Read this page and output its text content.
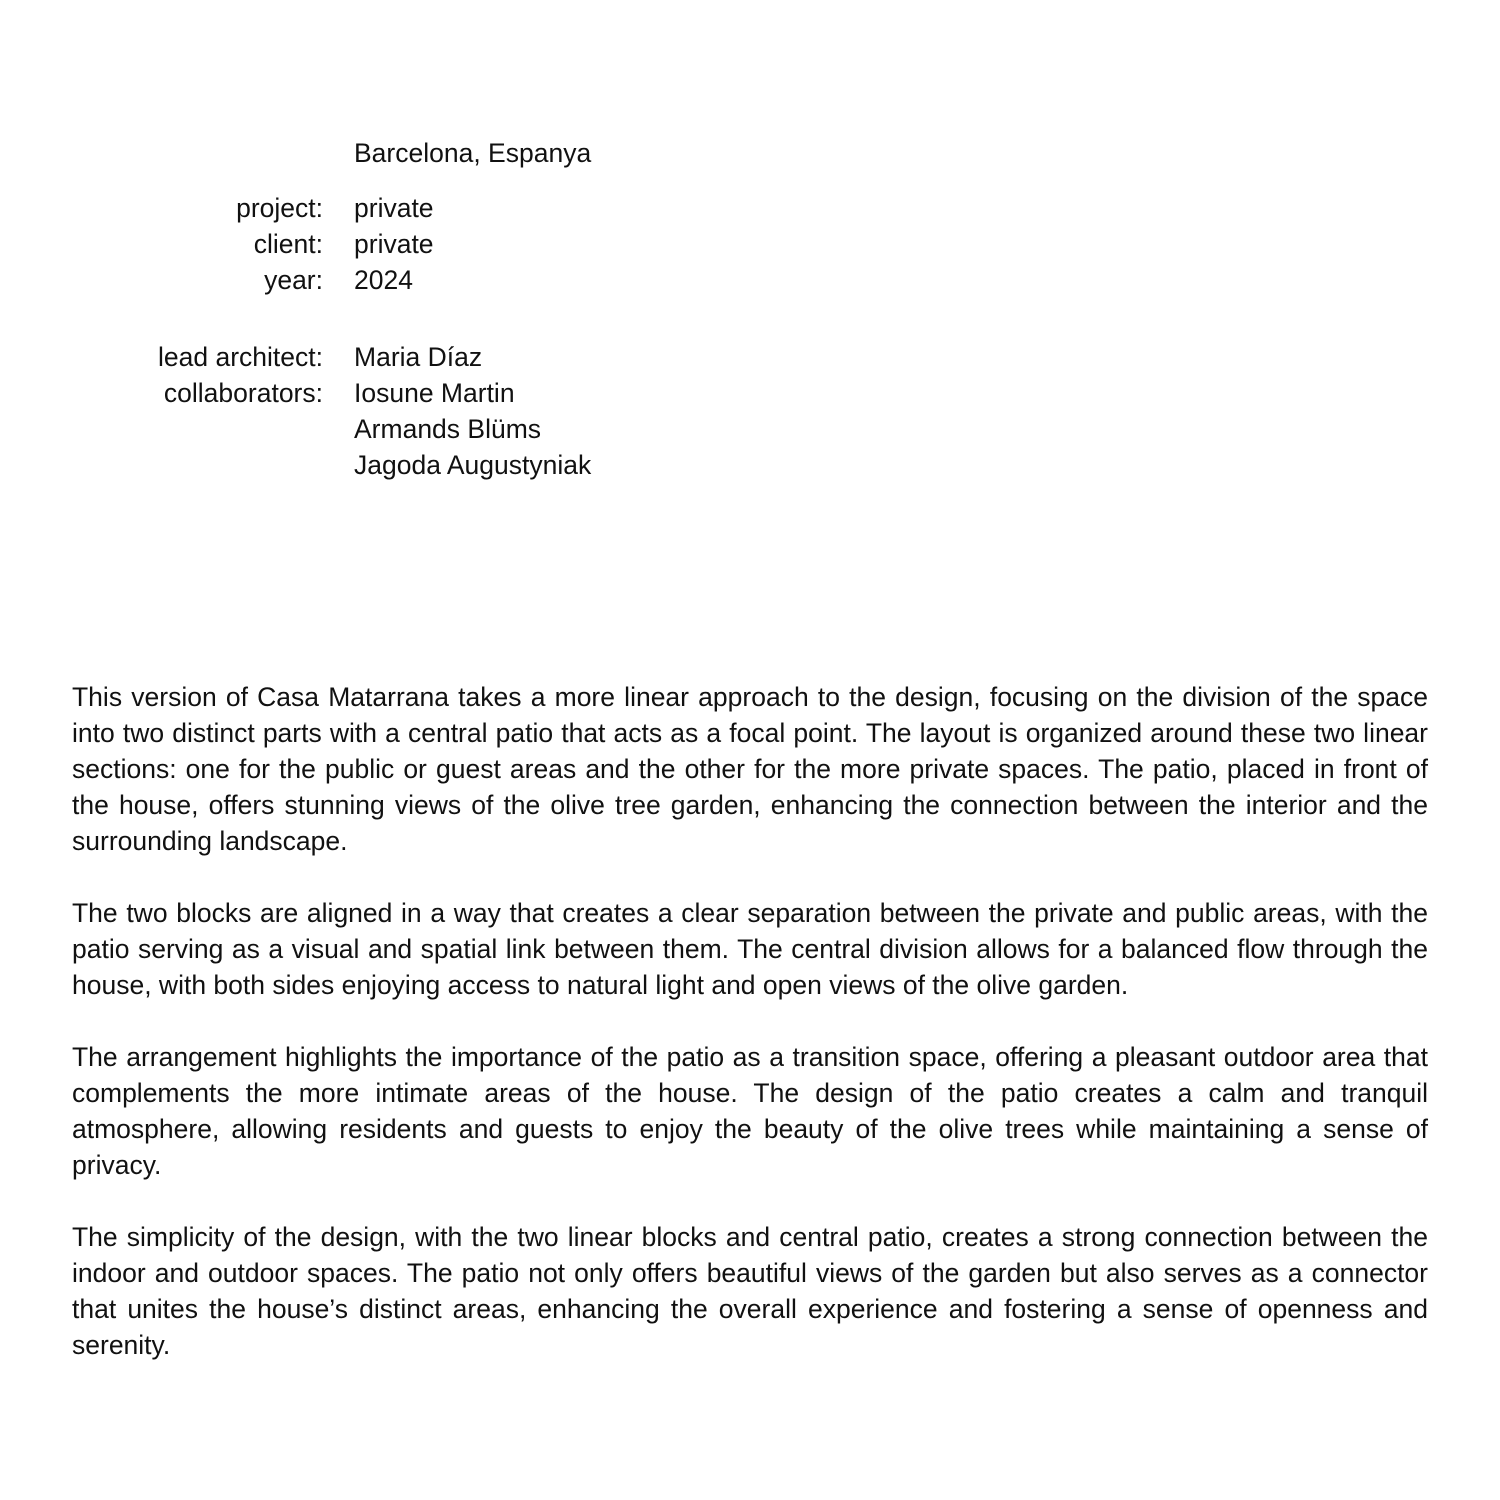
Barcelona, Espanya
project: private
client: private
year: 2024
lead architect: Maria Díaz
collaborators: Iosune Martin
Armands Blüms
Jagoda Augustyniak

This version of Casa Matarrana takes a more linear approach to the design, focusing on the division of the space into two distinct parts with a central patio that acts as a focal point. The layout is organized around these two linear sections: one for the public or guest areas and the other for the more private spaces. The patio, placed in front of the house, offers stunning views of the olive tree garden, enhancing the connection between the interior and the surrounding landscape.

The two blocks are aligned in a way that creates a clear separation between the private and public areas, with the patio serving as a visual and spatial link between them. The central division allows for a balanced flow through the house, with both sides enjoying access to natural light and open views of the olive garden.

The arrangement highlights the importance of the patio as a transition space, offering a pleasant outdoor area that complements the more intimate areas of the house. The design of the patio creates a calm and tranquil atmosphere, allowing residents and guests to enjoy the beauty of the olive trees while maintaining a sense of privacy.

The simplicity of the design, with the two linear blocks and central patio, creates a strong connection between the indoor and outdoor spaces. The patio not only offers beautiful views of the garden but also serves as a connector that unites the house’s distinct areas, enhancing the overall experience and fostering a sense of openness and serenity.
